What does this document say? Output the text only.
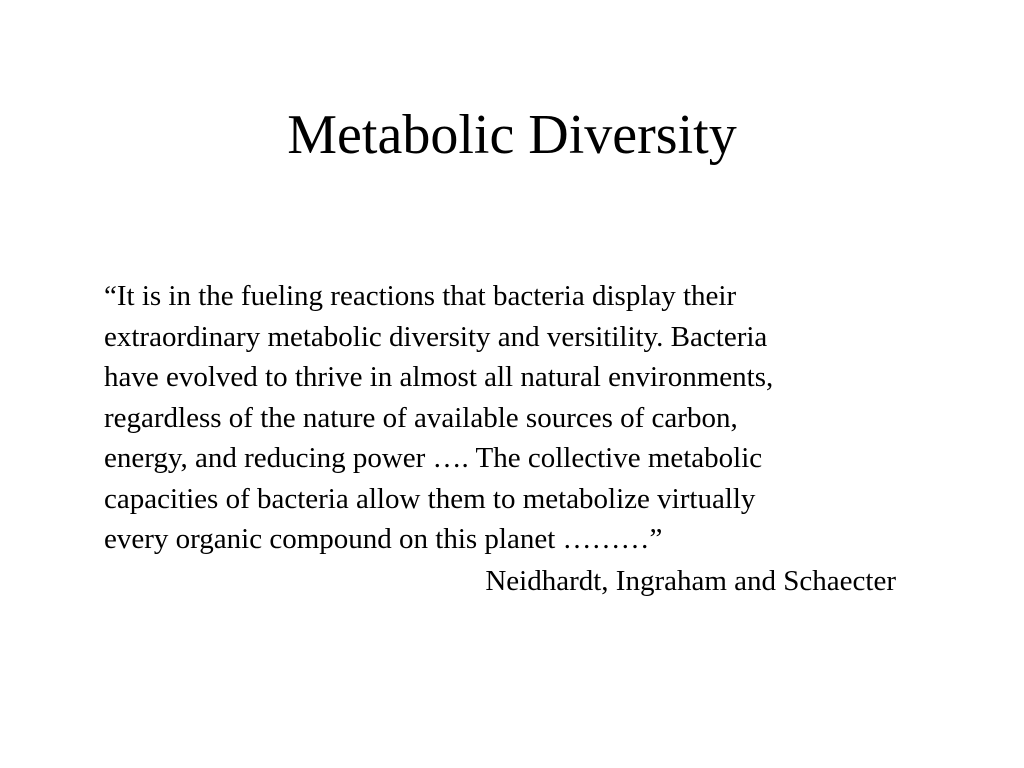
Metabolic Diversity
“It is in the fueling reactions that bacteria display their
extraordinary metabolic diversity and versitility. Bacteria
have evolved to thrive in almost all natural environments,
regardless of the nature of available sources of carbon,
energy, and reducing power …. The collective metabolic
capacities of bacteria allow them to metabolize virtually
every organic compound on this planet ………”
Neidhardt, Ingraham and Schaecter
